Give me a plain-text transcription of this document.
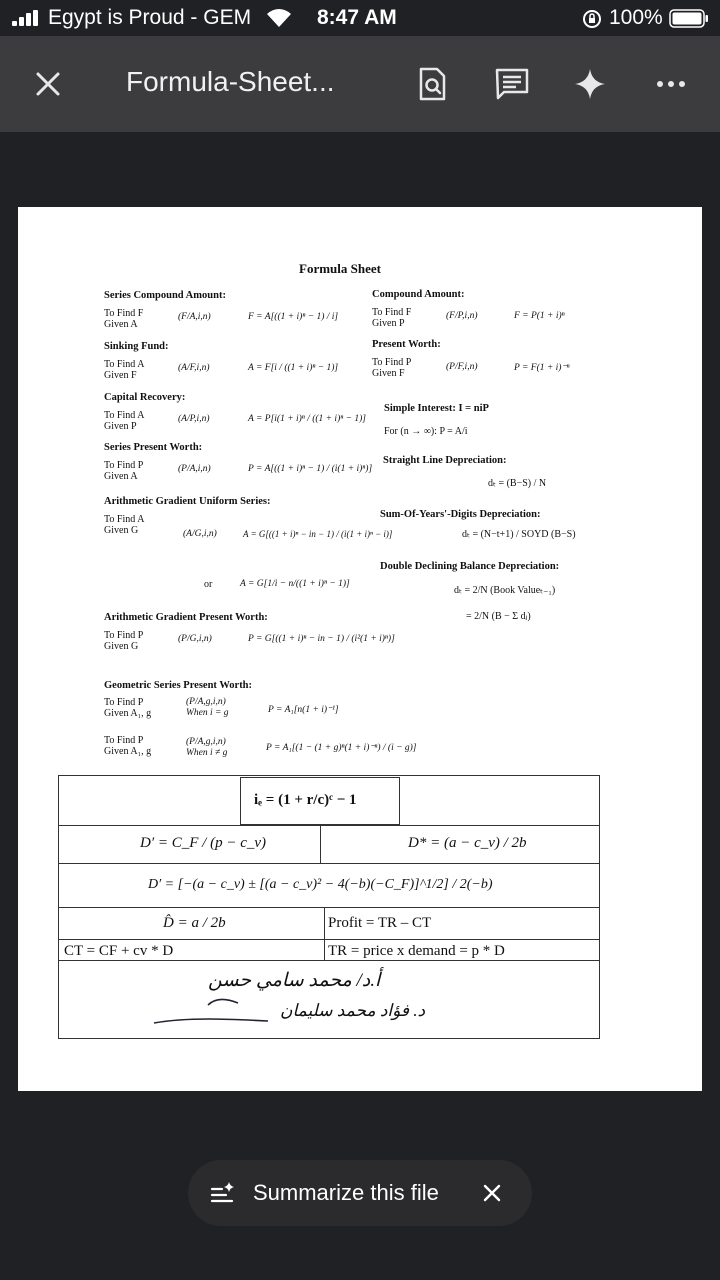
Egypt is Proud - GEM	8:47 AM	100%
Formula-Sheet...
Formula Sheet
Series Compound Amount:
To Find F
Given A
(F/A,i,n)	F = A[((1 + i)ⁿ − 1) / i]
Sinking Fund:
To Find A
Given F
(A/F,i,n)	A = F[i / ((1 + i)ⁿ − 1)]
Capital Recovery:
To Find A
Given P
(A/P,i,n)	A = P[i(1 + i)ⁿ / ((1 + i)ⁿ − 1)]
Series Present Worth:
To Find P
Given A
(P/A,i,n)	P = A[((1 + i)ⁿ − 1) / (i(1 + i)ⁿ)]
Arithmetic Gradient Uniform Series:
To Find A
Given G	(A/G,i,n)	A = G[((1 + i)ⁿ − in − 1) / (i(1 + i)ⁿ − i)]
or	A = G[1/i − n/((1 + i)ⁿ − 1)]
Arithmetic Gradient Present Worth:
To Find P
Given G
(P/G,i,n)	P = G[((1 + i)ⁿ − in − 1) / (i²(1 + i)ⁿ)]
Geometric Series Present Worth:
To Find P
Given A₁, g
(P/A,g,i,n)
When i = g	P = A₁[n(1 + i)⁻¹]
To Find P
Given A₁, g
(P/A,g,i,n)
When i ≠ g	P = A₁[(1 − (1 + g)ⁿ(1 + i)⁻ⁿ) / (i − g)]
Compound Amount:
To Find F
Given P
(F/P,i,n)	F = P(1 + i)ⁿ
Present Worth:
To Find P
Given F
(P/F,i,n)	P = F(1 + i)⁻ⁿ
Simple Interest: I = niP
For (n → ∞): P = A/i
Straight Line Depreciation:
dₜ = (B−S) / N
Sum-Of-Years'-Digits Depreciation:
dₜ = (N−t+1) / SOYD (B−S)
Double Declining Balance Depreciation:
dₜ = 2/N (Book Valueₜ₋₁)
= 2/N (B − Σ dⱼ)
iₑ = (1 + r/c)ᶜ − 1
D′ = C_F / (p − c_v)	D* = (a − c_v) / 2b
D′ = [−(a − c_v) ± [(a − c_v)² − 4(−b)(−C_F)]^1/2] / 2(−b)
D̂ = a / 2b	Profit = TR – CT
CT = CF + cv * D	TR = price x demand = p * D
أ.د/ محمد سامي حسن
د. فؤاد محمد سليمان
Summarize this file
